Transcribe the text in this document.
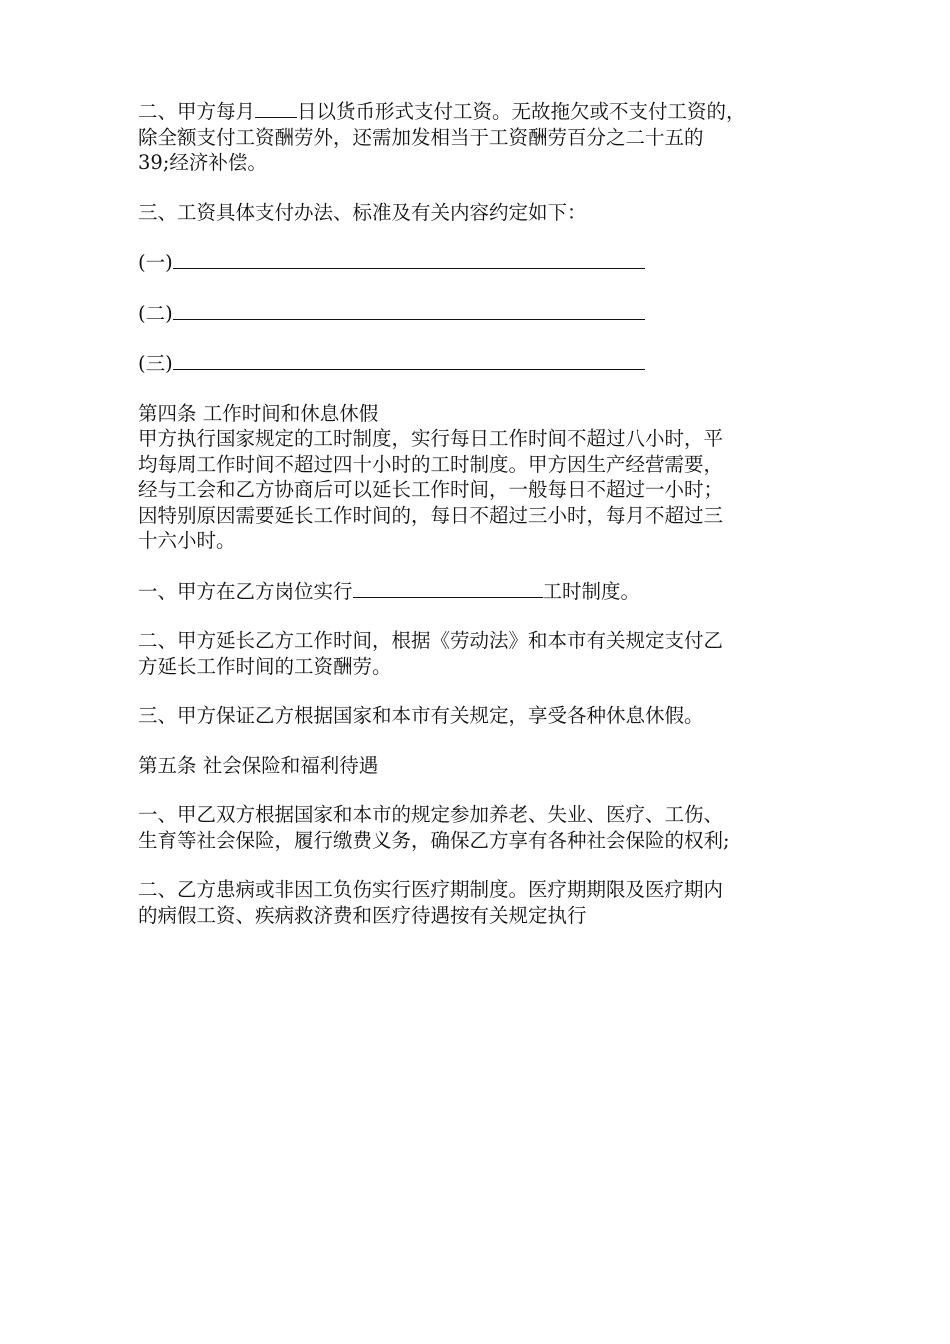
二、甲方每月 日以货币形式支付工资。无故拖欠或不支付工资的，
除全额支付工资酬劳外，还需加发相当于工资酬劳百分之二十五的
39;经济补偿。
三、工资具体支付办法、标准及有关内容约定如下：
(一)
(二)
(三)
第四条 工作时间和休息休假
甲方执行国家规定的工时制度，实行每日工作时间不超过八小时，平
均每周工作时间不超过四十小时的工时制度。甲方因生产经营需要，
经与工会和乙方协商后可以延长工作时间，一般每日不超过一小时；
因特别原因需要延长工作时间的，每日不超过三小时，每月不超过三
十六小时。
一、甲方在乙方岗位实行	工时制度。
二、甲方延长乙方工作时间，根据《劳动法》和本市有关规定支付乙
方延长工作时间的工资酬劳。
三、甲方保证乙方根据国家和本市有关规定，享受各种休息休假。
第五条 社会保险和福利待遇
一、甲乙双方根据国家和本市的规定参加养老、失业、医疗、工伤、
生育等社会保险，履行缴费义务，确保乙方享有各种社会保险的权利;
二、乙方患病或非因工负伤实行医疗期制度。医疗期期限及医疗期内
的病假工资、疾病救济费和医疗待遇按有关规定执行
